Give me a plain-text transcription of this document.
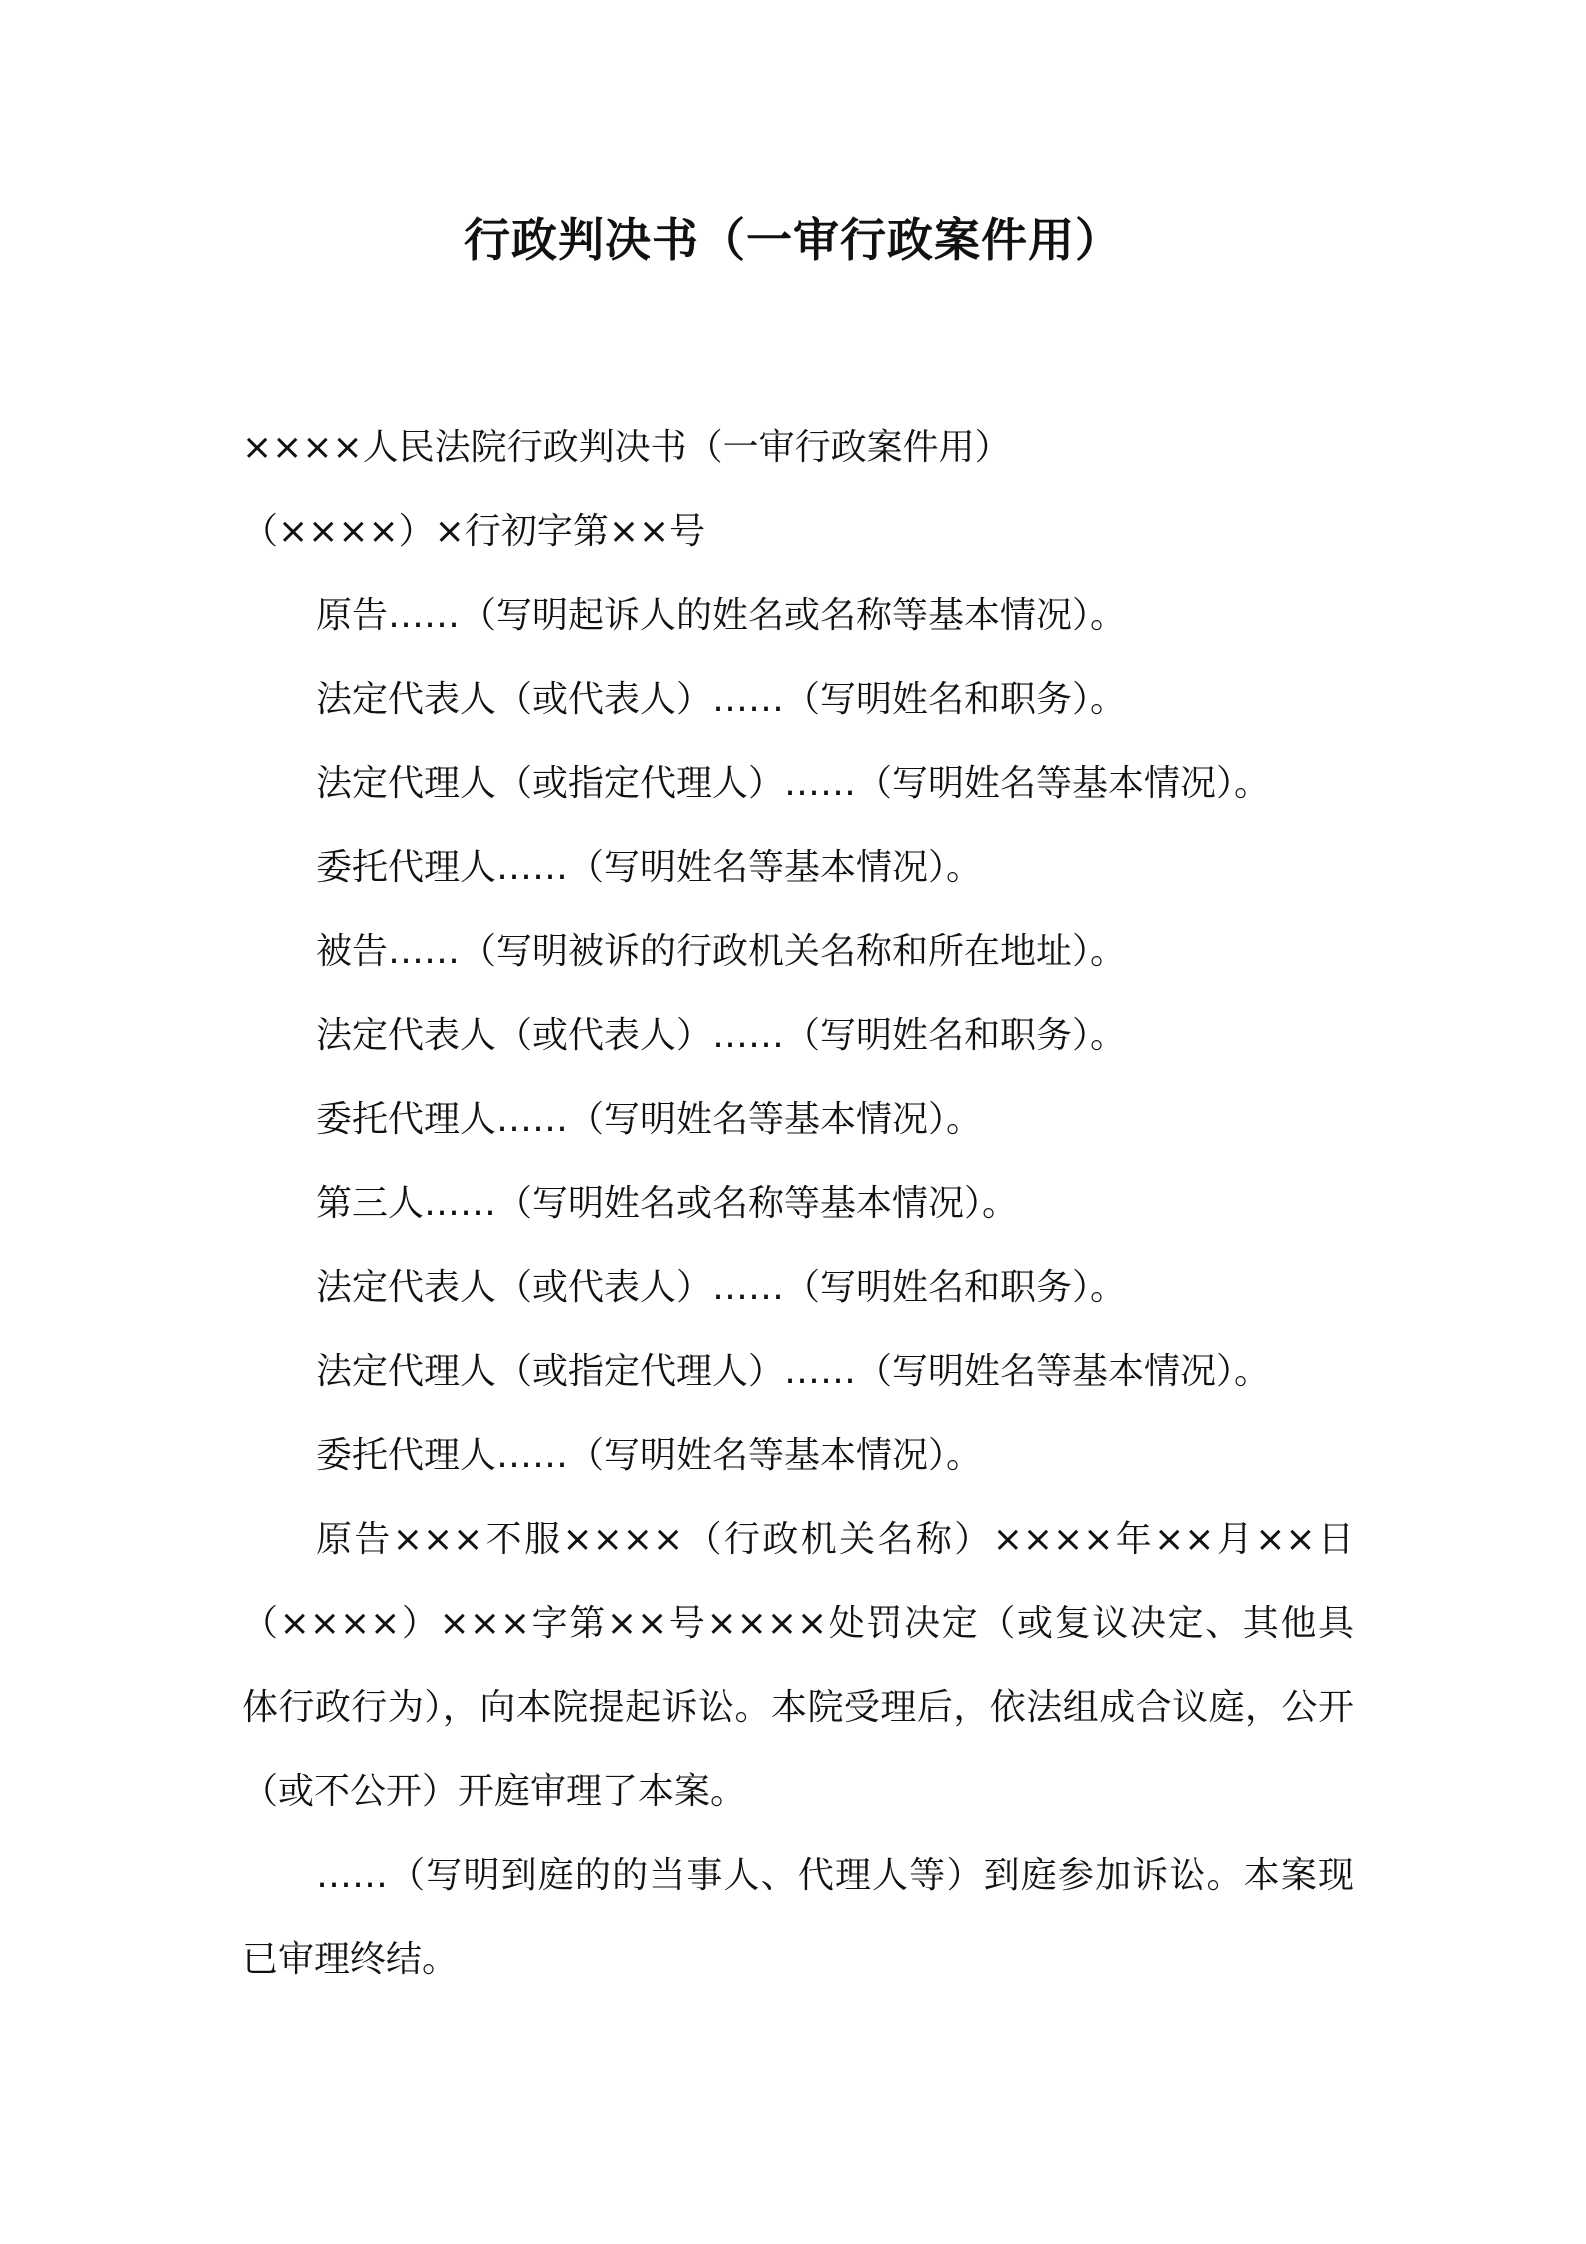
行政判决书（一审行政案件用）
××××人民法院行政判决书（一审行政案件用）
（××××）×行初字第××号
原告……（写明起诉人的姓名或名称等基本情况）。
法定代表人（或代表人）……（写明姓名和职务）。
法定代理人（或指定代理人）……（写明姓名等基本情况）。
委托代理人……（写明姓名等基本情况）。
被告……（写明被诉的行政机关名称和所在地址）。
法定代表人（或代表人）……（写明姓名和职务）。
委托代理人……（写明姓名等基本情况）。
第三人……（写明姓名或名称等基本情况）。
法定代表人（或代表人）……（写明姓名和职务）。
法定代理人（或指定代理人）……（写明姓名等基本情况）。
委托代理人……（写明姓名等基本情况）。

原告×××不服××××（行政机关名称）××××年××月××日（××××）×××字第××号××××处罚决定（或复议决定、其他具体行政行为），向本院提起诉讼。本院受理后，依法组成合议庭，公开（或不公开）开庭审理了本案。

……（写明到庭的的当事人、代理人等）到庭参加诉讼。本案现已审理终结。
